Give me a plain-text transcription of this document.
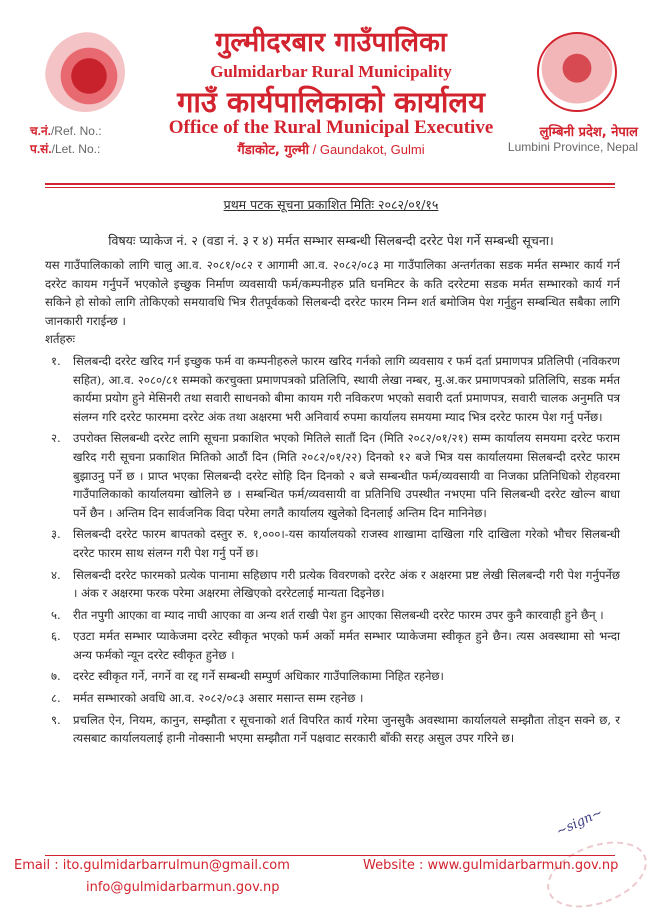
गुल्मीदरबार गाउँपालिका
Gulmidarbar Rural Municipality
गाउँ कार्यपालिकाको कार्यालय
Office of the Rural Municipal Executive
गैंडाकोट, गुल्मी / Gaundakot, Gulmi
च.नं./Ref. No.:
प.सं./Let. No.:
लुम्बिनी प्रदेश, नेपाल
Lumbini Province, Nepal
प्रथम पटक सूचना प्रकाशित मितिः २०८२/०१/१५
विषयः प्याकेज नं. २ (वडा नं. ३ र ४) मर्मत सम्भार सम्बन्धी सिलबन्दी दररेट पेश गर्ने सम्बन्धी सूचना।

यस गाउँपालिकाको लागि चालु आ.व. २०८१/०८२ र आगामी आ.व. २०८२/०८३ मा गाउँपालिका अन्तर्गतका सडक मर्मत सम्भार कार्य गर्न दररेट कायम गर्नुपर्ने भएकोले इच्छुक निर्माण व्यवसायी फर्म/कम्पनीहरु प्रति घनमिटर के कति दररेटमा सडक मर्मत सम्भारको कार्य गर्न सकिने हो सोको लागि तोकिएको समयावधि भित्र रीतपूर्वकको सिलबन्दी दररेट फारम निम्न शर्त बमोजिम पेश गर्नुहुन सम्बन्धित सबैका लागि जानकारी गराईन्छ ।

शर्तहरुः

१. सिलबन्दी दररेट खरिद गर्न इच्छुक फर्म वा कम्पनीहरुले फारम खरिद गर्नको लागि व्यवसाय र फर्म दर्ता प्रमाणपत्र प्रतिलिपी (नविकरण सहित), आ.व. २०८०/८१ सम्मको करचुक्ता प्रमाणपत्रको प्रतिलिपि, स्थायी लेखा नम्बर, मु.अ.कर प्रमाणपत्रको प्रतिलिपि, सडक मर्मत कार्यमा प्रयोग हुने मेसिनरी तथा सवारी साधनको बीमा कायम गरी नविकरण भएको सवारी दर्ता प्रमाणपत्र, सवारी चालक अनुमति पत्र संलग्न गरि दररेट फारममा दररेट अंक तथा अक्षरमा भरी अनिवार्य रुपमा कार्यालय समयमा म्याद भित्र दररेट फारम पेश गर्नु पर्नेछ।
२. उपरोक्त सिलबन्धी दररेट लागि सूचना प्रकाशित भएको मितिले सातौं दिन (मिति २०८२/०१/२१) सम्म कार्यालय समयमा दररेट फराम खरिद गरी सूचना प्रकाशित मितिको आठौं दिन (मिति २०८२/०१/२२) दिनको १२ बजे भित्र यस कार्यालयमा सिलबन्दी दररेट फारम बुझाउनु पर्ने छ । प्राप्त भएका सिलबन्दी दररेट सोहि दिन दिनको २ बजे सम्बन्धीत फर्म/व्यवसायी वा निजका प्रतिनिधिको रोहवरमा गाउँपालिकाको कार्यालयमा खोलिने छ । सम्बन्धित फर्म/व्यवसायी वा प्रतिनिधि उपस्थीत नभएमा पनि सिलबन्धी दररेट खोल्न बाधा पर्ने छैन । अन्तिम दिन सार्वजनिक विदा परेमा लगतै कार्यालय खुलेको दिनलाई अन्तिम दिन मानिनेछ।
३. सिलबन्दी दररेट फारम बापतको दस्तुर रु. १,०००।-यस कार्यालयको राजस्व शाखामा दाखिला गरि दाखिला गरेको भौचर सिलबन्धी दररेट फारम साथ संलग्न गरी पेश गर्नु पर्ने छ।
४. सिलबन्दी दररेट फारमको प्रत्येक पानामा सहिछाप गरी प्रत्येक विवरणको दररेट अंक र अक्षरमा प्रष्ट लेखी सिलबन्दी गरी पेश गर्नुपर्नेछ । अंक र अक्षरमा फरक परेमा अक्षरमा लेखिएको दररेटलाई मान्यता दिइनेछ।
५. रीत नपुगी आएका वा म्याद नाघी आएका वा अन्य शर्त राखी पेश हुन आएका सिलबन्धी दररेट फारम उपर कुनै कारवाही हुने छैन् ।
६. एउटा मर्मत सम्भार प्याकेजमा दररेट स्वीकृत भएको फर्म अर्को मर्मत सम्भार प्याकेजमा स्वीकृत हुने छैन। त्यस अवस्थामा सो भन्दा अन्य फर्मको न्यून दररेट स्वीकृत हुनेछ ।
७. दररेट स्वीकृत गर्ने, नगर्ने वा रद्द गर्ने सम्बन्धी सम्पुर्ण अधिकार गाउँपालिकामा निहित रहनेछ।
८. मर्मत सम्भारको अवधि आ.व. २०८२/०८३ असार मसान्त सम्म रहनेछ ।
९. प्रचलित ऐन, नियम, कानुन, सम्झौता र सूचनाको शर्त विपरित कार्य गरेमा जुनसुकै अवस्थामा कार्यालयले सम्झौता तोड्न सक्ने छ, र त्यसबाट कार्यालयलाई हानी नोक्सानी भएमा सम्झौता गर्ने पक्षवाट सरकारी बाँकी सरह असुल उपर गरिने छ।
~sign~
Email : ito.gulmidarbarrulmun@gmail.com
info@gulmidarbarmun.gov.np
Website : www.gulmidarbarmun.gov.np
